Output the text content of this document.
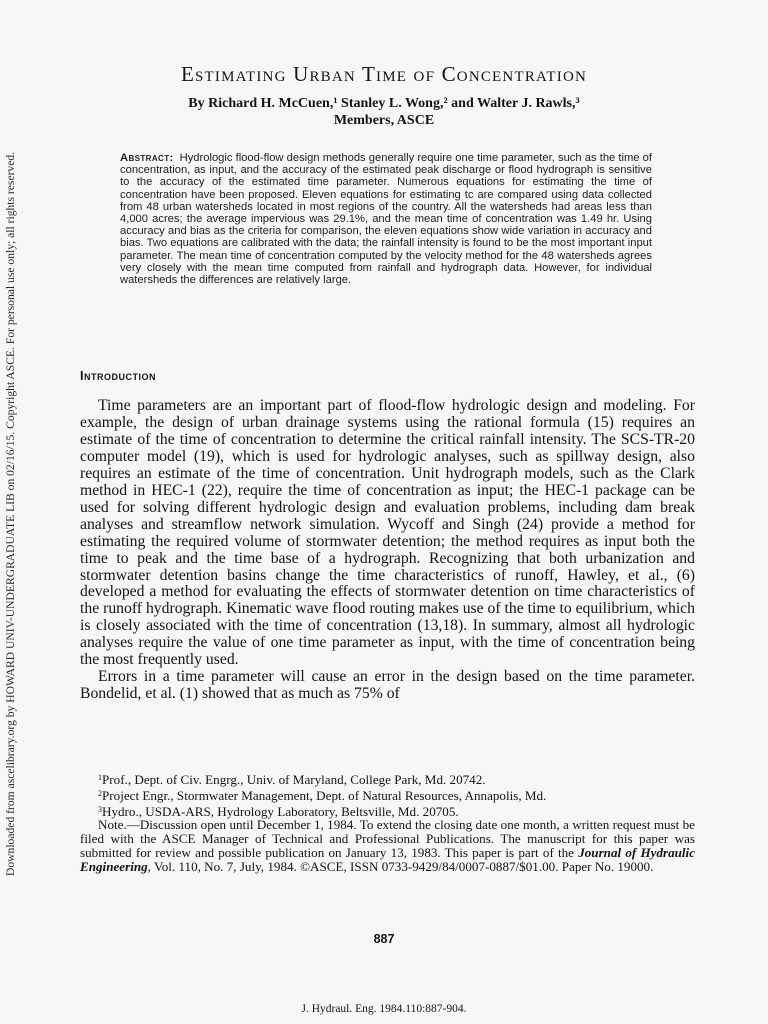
Downloaded from ascelibrary.org by HOWARD UNIV-UNDERGRADUATE LIB on 02/16/15. Copyright ASCE. For personal use only; all rights reserved.
Estimating Urban Time of Concentration
By Richard H. McCuen,¹ Stanley L. Wong,² and Walter J. Rawls,³
Members, ASCE

Abstract: Hydrologic flood-flow design methods generally require one time parameter, such as the time of concentration, as input, and the accuracy of the estimated peak discharge or flood hydrograph is sensitive to the accuracy of the estimated time parameter. Numerous equations for estimating the time of concentration have been proposed. Eleven equations for estimating tc are compared using data collected from 48 urban watersheds located in most regions of the country. All the watersheds had areas less than 4,000 acres; the average impervious was 29.1%, and the mean time of concentration was 1.49 hr. Using accuracy and bias as the criteria for comparison, the eleven equations show wide variation in accuracy and bias. Two equations are calibrated with the data; the rainfall intensity is found to be the most important input parameter. The mean time of concentration computed by the velocity method for the 48 watersheds agrees very closely with the mean time computed from rainfall and hydrograph data. However, for individual watersheds the differences are relatively large.

Introduction

Time parameters are an important part of flood-flow hydrologic design and modeling. For example, the design of urban drainage systems using the rational formula (15) requires an estimate of the time of concentration to determine the critical rainfall intensity. The SCS-TR-20 computer model (19), which is used for hydrologic analyses, such as spillway design, also requires an estimate of the time of concentration. Unit hydrograph models, such as the Clark method in HEC-1 (22), require the time of concentration as input; the HEC-1 package can be used for solving different hydrologic design and evaluation problems, including dam break analyses and streamflow network simulation. Wycoff and Singh (24) provide a method for estimating the required volume of stormwater detention; the method requires as input both the time to peak and the time base of a hydrograph. Recognizing that both urbanization and stormwater detention basins change the time characteristics of runoff, Hawley, et al., (6) developed a method for evaluating the effects of stormwater detention on time characteristics of the runoff hydrograph. Kinematic wave flood routing makes use of the time to equilibrium, which is closely associated with the time of concentration (13,18). In summary, almost all hydrologic analyses require the value of one time parameter as input, with the time of concentration being the most frequently used.

Errors in a time parameter will cause an error in the design based on the time parameter. Bondelid, et al. (1) showed that as much as 75% of

$^1$Prof., Dept. of Civ. Engrg., Univ. of Maryland, College Park, Md. 20742.

$^2$Project Engr., Stormwater Management, Dept. of Natural Resources, Annapolis, Md.

$^3$Hydro., USDA-ARS, Hydrology Laboratory, Beltsville, Md. 20705.

Note.—Discussion open until December 1, 1984. To extend the closing date one month, a written request must be filed with the ASCE Manager of Technical and Professional Publications. The manuscript for this paper was submitted for review and possible publication on January 13, 1983. This paper is part of the Journal of Hydraulic Engineering, Vol. 110, No. 7, July, 1984. ©ASCE, ISSN 0733-9429/84/0007-0887/$01.00. Paper No. 19000.

887
J. Hydraul. Eng. 1984.110:887-904.
